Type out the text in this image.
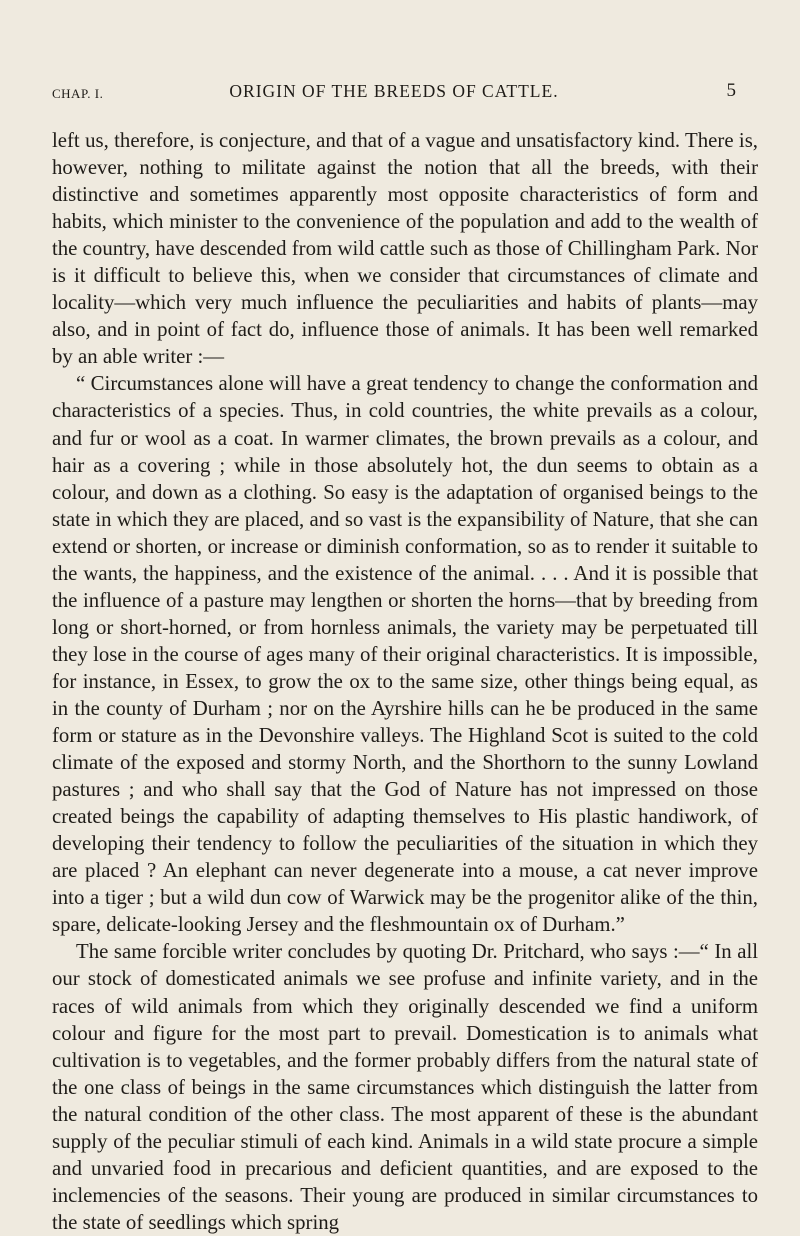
CHAP. I.	ORIGIN OF THE BREEDS OF CATTLE.	5

left us, therefore, is conjecture, and that of a vague and unsatisfactory kind. There is, however, nothing to militate against the notion that all the breeds, with their distinctive and sometimes apparently most opposite characteristics of form and habits, which minister to the convenience of the population and add to the wealth of the country, have descended from wild cattle such as those of Chillingham Park. Nor is it difficult to believe this, when we consider that circumstances of climate and locality—which very much influence the peculiarities and habits of plants—may also, and in point of fact do, influence those of animals. It has been well remarked by an able writer :—

“ Circumstances alone will have a great tendency to change the conformation and characteristics of a species. Thus, in cold countries, the white prevails as a colour, and fur or wool as a coat. In warmer climates, the brown prevails as a colour, and hair as a covering ; while in those absolutely hot, the dun seems to obtain as a colour, and down as a clothing. So easy is the adaptation of organised beings to the state in which they are placed, and so vast is the expansibility of Nature, that she can extend or shorten, or increase or diminish conformation, so as to render it suitable to the wants, the happiness, and the existence of the animal. . . . And it is possible that the influence of a pasture may lengthen or shorten the horns—that by breeding from long or short-horned, or from hornless animals, the variety may be perpetuated till they lose in the course of ages many of their original characteristics. It is impossible, for instance, in Essex, to grow the ox to the same size, other things being equal, as in the county of Durham ; nor on the Ayrshire hills can he be produced in the same form or stature as in the Devonshire valleys. The Highland Scot is suited to the cold climate of the exposed and stormy North, and the Shorthorn to the sunny Lowland pastures ; and who shall say that the God of Nature has not impressed on those created beings the capability of adapting themselves to His plastic handiwork, of developing their tendency to follow the peculiarities of the situation in which they are placed ? An elephant can never degenerate into a mouse, a cat never improve into a tiger ; but a wild dun cow of Warwick may be the progenitor alike of the thin, spare, delicate-looking Jersey and the fleshmountain ox of Durham.”

The same forcible writer concludes by quoting Dr. Pritchard, who says :—“ In all our stock of domesticated animals we see profuse and infinite variety, and in the races of wild animals from which they originally descended we find a uniform colour and figure for the most part to prevail. Domestication is to animals what cultivation is to vegetables, and the former probably differs from the natural state of the one class of beings in the same circumstances which distinguish the latter from the natural condition of the other class. The most apparent of these is the abundant supply of the peculiar stimuli of each kind. Animals in a wild state procure a simple and unvaried food in precarious and deficient quantities, and are exposed to the inclemencies of the seasons. Their young are produced in similar circumstances to the state of seedlings which spring
